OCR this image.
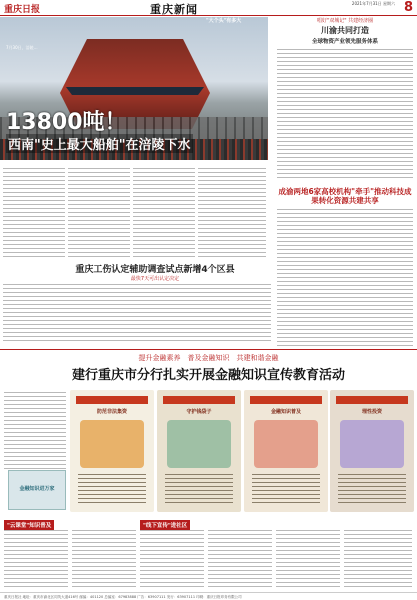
重庆日报	重庆新闻	2021年7月31日 星期六 8
7月30日，涪陵…
13800吨！
西南"史上最大船舶"在涪陵下水
"大个头"有多大	唱好"双城记" 共建经济圈
川渝共同打造
全球物资产业领先服务体系
成渝两地6家高校机构"牵手"推动科技成果转化资源共建共享
重庆工伤认定辅助调查试点新增4个区县
最快7天可出认定决定
提升金融素养　普及金融知识　共建和谐金融
建行重庆市分行扎实开展金融知识宣传教育活动
金融知识进万家
防范非法集资	守护钱袋子	金融知识普及	理性投资
"云课堂"知识普及	"线下宣传"进社区
重庆日报社 地址：重庆市渝北区同茂大道416号 邮编：401120 总编室：67983888 广告：63907111 发行：63907111 印刷：重庆日报印务有限公司
